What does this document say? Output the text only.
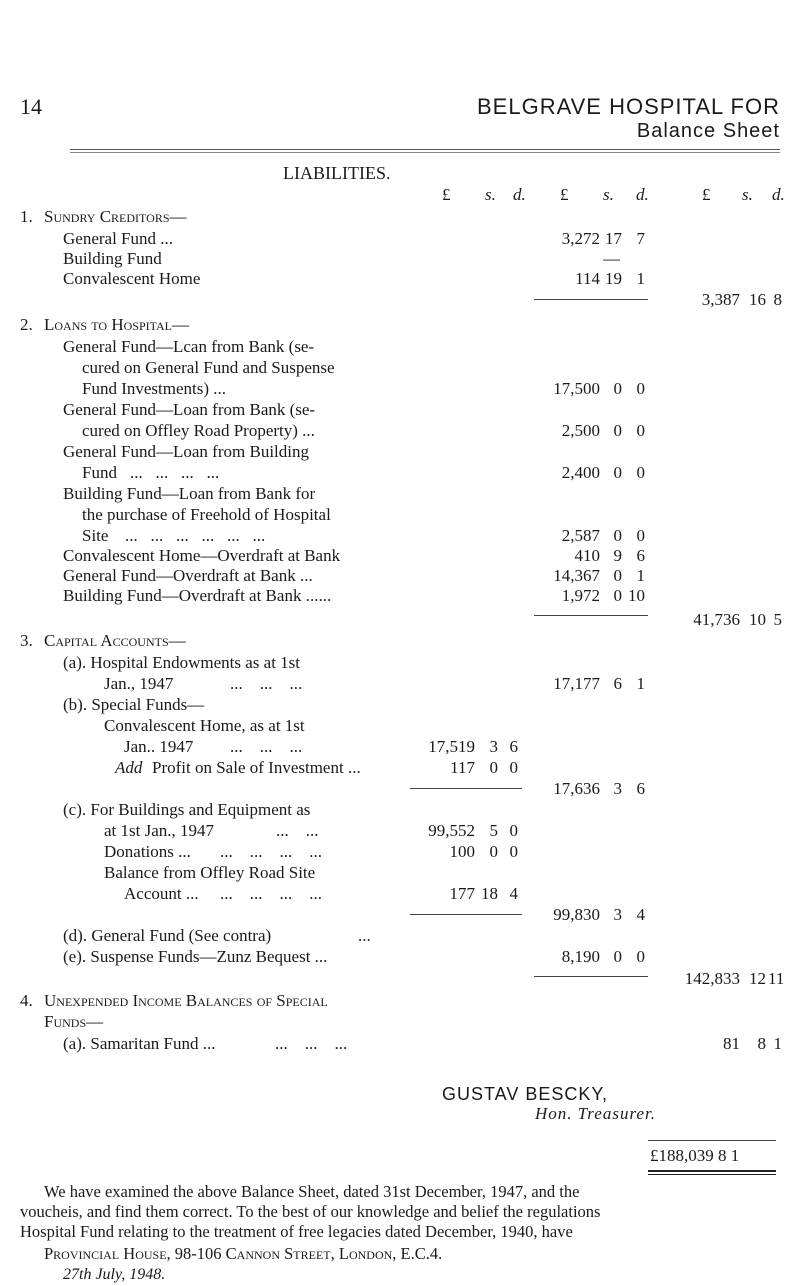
14	BELGRAVE HOSPITAL FOR
Balance Sheet
LIABILITIES.
£ s. d. £ s. d.	£ s. d.
1. Sundry Creditors—
General Fund ...	3,272 17 7
Building Fund	—
Convalescent Home	114 19 1
3,387 16 8
2. Loans to Hospital—
General Fund—Lcan from Bank (se-
cured on General Fund and Suspense
Fund Investments) ...	17,500 0 0
General Fund—Loan from Bank (se-
cured on Offley Road Property) ...	2,500 0 0
General Fund—Loan from Building
Fund ...   ...   ...   ...	2,400 0 0
Building Fund—Loan from Bank for
the purchase of Freehold of Hospital
Site ...   ...   ...   ...   ...   ...	2,587 0 0
Convalescent Home—Overdraft at Bank	410 9 6
General Fund—Overdraft at Bank ...	14,367 0 1
Building Fund—Overdraft at Bank ......	1,972 0 10
41,736 10 5
3. Capital Accounts—
(a). Hospital Endowments as at 1st
Jan., 1947	...    ...    ...	17,177 6 1
(b). Special Funds—
Convalescent Home, as at 1st
Jan.. 1947 ...    ...    ...	17,519 3 6
Add Profit on Sale of Investment ...	117 0 0
17,636 3 6
(c). For Buildings and Equipment as
at 1st Jan., 1947	...    ...	99,552 5 0
Donations ... ...    ...    ...    ...	100 0 0
Balance from Offley Road Site
Account ... ...    ...    ...    ...	177 18 4
99,830 3 4
(d). General Fund (See contra)	...
(e). Suspense Funds—Zunz Bequest ...	8,190 0 0
142,833 12 11
4. Unexpended Income Balances of Special
Funds—
(a). Samaritan Fund ...	...    ...    ...	81	8 1
GUSTAV BESCKY,
Hon. Treasurer.
£188,039 8 1
We have examined the above Balance Sheet, dated 31st December, 1947, and the
voucheis, and find them correct. To the best of our knowledge and belief the regulations
Hospital Fund relating to the treatment of free legacies dated December, 1940, have
Provincial House, 98-106 Cannon Street, London, E.C.4.
27th July, 1948.
